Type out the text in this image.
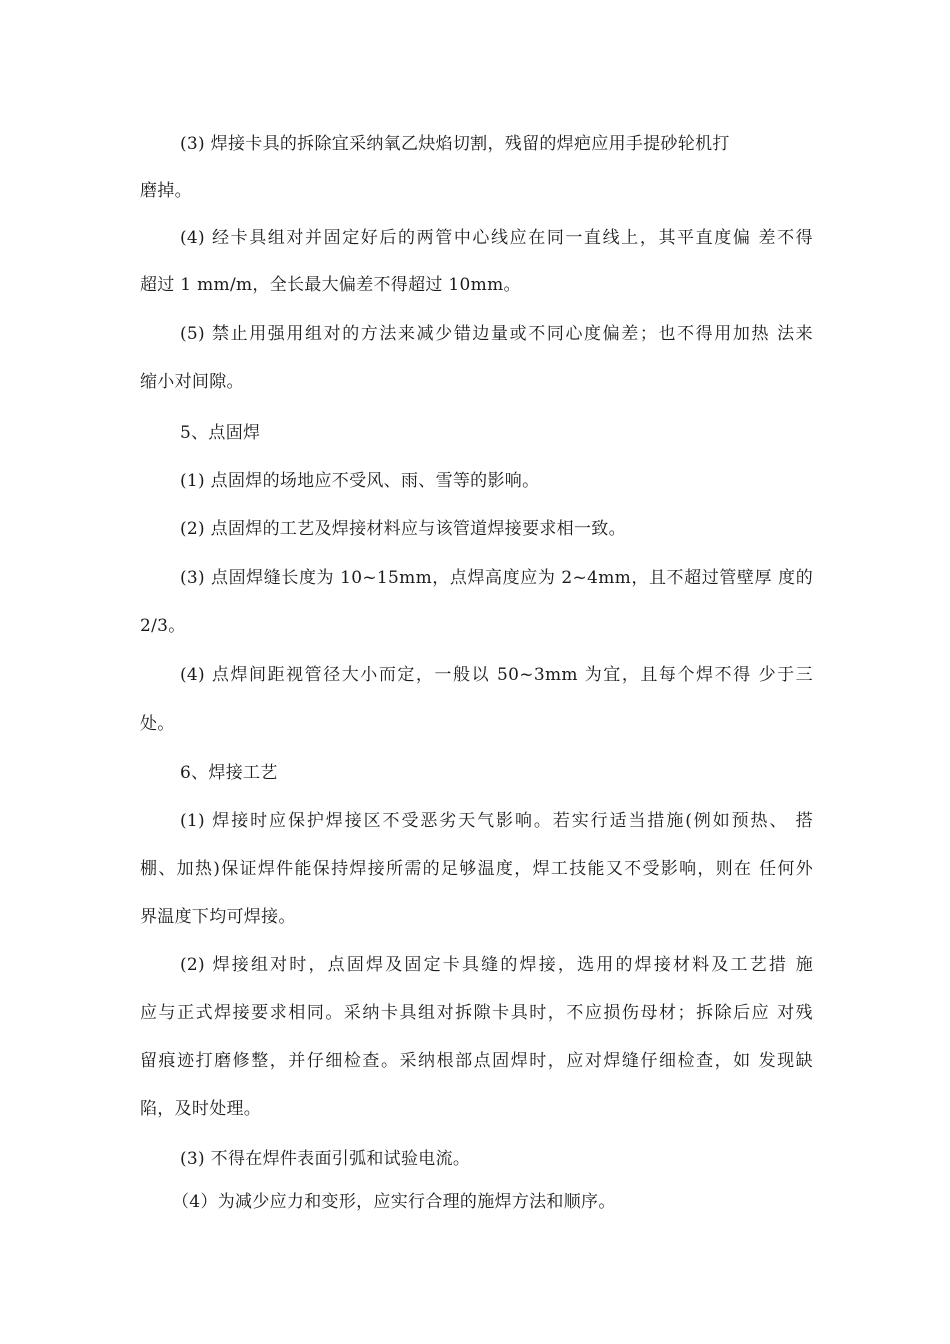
(3) 焊接卡具的拆除宜采纳氧乙炔焰切割，残留的焊疤应用手提砂轮机打
磨掉。
(4) 经卡具组对并固定好后的两管中心线应在同一直线上，其平直度偏 差不得
超过 1 mm/m，全长最大偏差不得超过 10mm。
(5) 禁止用强用组对的方法来减少错边量或不同心度偏差；也不得用加热 法来
缩小对间隙。
5、点固焊
(1) 点固焊的场地应不受风、雨、雪等的影响。
(2) 点固焊的工艺及焊接材料应与该管道焊接要求相一致。
(3) 点固焊缝长度为 10~15mm，点焊高度应为 2~4mm，且不超过管壁厚 度的
2/3。
(4) 点焊间距视管径大小而定，一般以 50~3mm 为宜，且每个焊不得 少于三
处。
6、焊接工艺
(1) 焊接时应保护焊接区不受恶劣天气影响。若实行适当措施(例如预热、 搭
棚、加热)保证焊件能保持焊接所需的足够温度，焊工技能又不受影响，则在 任何外
界温度下均可焊接。
(2) 焊接组对时，点固焊及固定卡具缝的焊接，选用的焊接材料及工艺措 施
应与正式焊接要求相同。采纳卡具组对拆隙卡具时，不应损伤母材；拆除后应 对残
留痕迹打磨修整，并仔细检查。采纳根部点固焊时，应对焊缝仔细检查，如 发现缺
陷，及时处理。
(3) 不得在焊件表面引弧和试验电流。
（4）为减少应力和变形，应实行合理的施焊方法和顺序。
